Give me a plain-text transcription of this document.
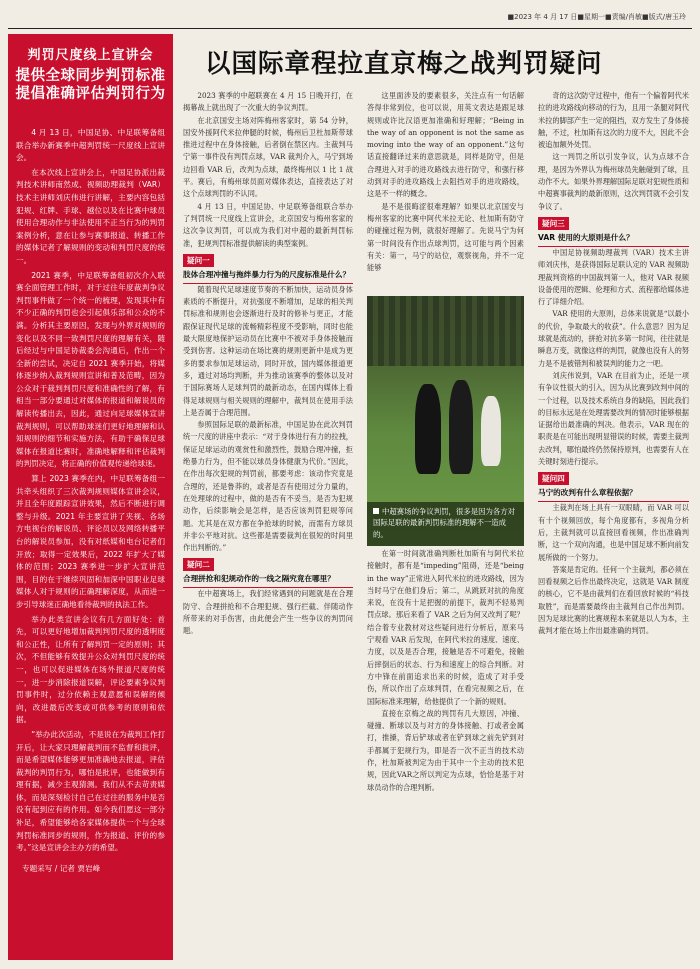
■2023 年 4 月 17 日■星期一■责编/肖敏■版式/唐玉玲
判罚尺度线上宣讲会
提供全球同步判罚标准
提倡准确评估判罚行为

4 月 13 日，中国足协、中足联筹备组联合举办新赛季中超判罚统一尺度线上宣讲会。

在本次线上宣讲会上，中国足协派出裁判技术讲师南然成、视频助理裁判（VAR）技术主讲师刘庆伟进行讲解，主要内容包括犯规、红牌、手球、越位以及在比赛中球员使用合理动作与非法使用不正当行为的判罚案例分析，意在让参与赛事报道、转播工作的媒体记者了解规则的变动和判罚尺度的统一。

2021 赛季，中足联筹备组初次介入联赛全面管理工作时，对于过往年度裁判争议判罚事件做了一个统一的梳理，发现其中有不少正确的判罚也会引起俱乐部和公众的不满。分析其主要原因，发现与外界对规则的变化以及不同一致判罚尺度的理解有关，随后经过与中国足协裁委会沟通后，作出一个全新的尝试，决定自 2021 赛季开始，将媒体逐步纳入裁判规则宣讲和普及范畴，因为公众对于裁判判罚尺度和准确性的了解，有相当一部分要通过对媒体的报道和解说员的解读传播出去，因此，通过向足球媒体宣讲裁判规则，可以帮助球迷们更好地理解和认知规则的细节和实施方法，有助于确保足球媒体在报道比赛时，准确地解释和评估裁判的判罚决定，将正确的价值观传递给球迷。

算上 2023 赛季在内，中足联筹备组一共牵头组织了三次裁判规则媒体宣讲会议，并且全年度跟踪宣讲效果，然后不断进行调整与升级。2021 年主要宣讲了夹视、各场方电视台的解说员、评论员以及网络转播平台的解说员参加，没有对纸媒和电台记者们开放；取得一定效果后，2022 年扩大了媒体的范围；2023 赛季进一步扩大宣讲范围，目的在于继续巩固和加深中国职业足球媒体人对于规则的正确理解深度，从而进一步引导球迷正确地看待裁判的执法工作。

举办此类宣讲会议有几方面好处：首先，可以更好地增加裁判判罚尺度的透明度和公正性，让所有了解判罚一定的原则；其次，不但能够有效提升公众对判罚尺度的统一，也可以促进媒体在场外报道尺度的统一，进一步消除报道误解，评论要素争议判罚事件时，过分依赖主观意愿和误解的倾向，改进最后改变或可供参考的原则和依据。

“举办此次活动，不是说在为裁判工作打开后，让大家只理解裁判而不监督和批评，而是希望媒体能够更加准确地去报道，评估裁判的判罚行为，哪怕是批评，也能做到有理有据，减少主观猜测。我们从不去苛责媒体，而是深刻检讨自己在过往的服务中是否没有起到应有的作用。如今我们愿这一部分补足，希望能够给各家媒体提供一个与全球判罚标准同步的规则，作为报道、评价的参考。”这是宣讲会主办方的希望。

专题采写 / 记者 贾岩峰
以国际章程拉直京梅之战判罚疑问

2023 赛季的中超联赛在 4 月 15 日晚开打，在揭幕战上就出现了一次重大的争议判罚。

在北京国安主场对阵梅州客家时，第 54 分钟，国安外援阿代米拉伸腿的时候，梅州后卫杜加斯带球推进过程中在身体接触，后者倒在禁区内。主裁判马宁第一事件没有判罚点球，VAR 裁判介入，马宁到场边回看 VAR 后，改判为点球，最终梅州以 1 比 1 战平。赛后，有梅州球员面对媒体表达，直接表达了对这个点球判罚的不认同。

4 月 13 日，中国足协、中足联筹备组联合举办了判罚统一尺度线上宣讲会，北京国安与梅州客家的这次争议判罚，可以成为我们对中超的最新判罚标准，犯规判罚标准提供解读的典型案例。

疑问一

肢体合理冲撞与拖绊暴力行为的尺度标准是什么？

随着现代足球速度节奏的不断加快，运动员身体素质的不断提升，对抗强度不断增加，足球的相关判罚标准和规则也会逐渐进行及时的修补与更正，才能跟保证现代足球的流畅精彩程度不受影响，同时也能最大限度地保护运动员在比赛中不被对手身体接触而受到伤害。这种运动在场比赛的规则更新中是成为更多的要求参加足球运动，同时开放，国内媒体报道更多，通过对场均判断，并为推动该赛季的整体以及对于国际赛场人足球判罚的最新动态，在国内媒体上看得足球规则与相关规则的理解中，裁判员在使用手法上是否属于合理范围。

参照国际足联的最新标准，中国足协在此次判罚统一尺度的讲座中表示：“对于身体进行有力的拉拽，保证足球运动的观赏性和激烈性，鼓励合理冲撞，拒绝暴力行为，但不能以球员身体健康为代价。”因此，在作出每次犯规的判罚前，都要考虑：该动作究竟是合理的，还是鲁莽的，或者是否有使用过分力量的，在处理球的过程中，做的是否有不妥当，是否为犯规动作，后续影响会是怎样，是否应该判罚犯规等问题。尤其是在双方都在争抢球的时候，而需有方球员并非公平地对抗。这些都是需要裁判在很短的时间里作出判断的。”

疑问二

合理拼抢和犯规动作的一线之隔究竟在哪里？

在中超赛场上，我们经常遇到的问题就是在合理防守、合理拼抢和不合理犯规、强行拦截、伴随动作所带来的对手伤害，由此便会产生一些争议的判罚问题。

这里面涉及的要素很多，关注点有一句话解答得非常到位，也可以说，用英文表达是跟足球规则或许比汉语更加准确和好理解；“Being in the way of an opponent is not the same as moving into the way of an opponent.”这句话直接翻译过来的意思就是，同样是防守，但是合理进入对手的进攻路线去进行防守，和强行移动到对手的进攻路线上去阻挡对手的进攻路线，这是不一样的概念。

是不是很晦涩很难理解？如果以北京国安与梅州客家的比赛中阿代米拉无论、杜加斯有防守的碰撞过程为例，就很好理解了。先说马宁为何第一时间没有作出点球判罚，这可能与两个因素有关：第一，马宁的站位，观察视角，并不一定能够

中超赛场的争议判罚，很多是因为各方对国际足联的最新判罚标准的理解不一造成的。

在第一时间就准确判断杜加斯有与阿代米拉接触时，都有是“impeding”阻碍，还是“being in the way”正常进入阿代米拉的进攻路线，因为当时马宁在他们身后；第二，从跳跃对抗的角度来说，在没有十足把握的前提下，裁判不轻易判罚点球。那后来看了 VAR 之后为何又改判了呢？结合着专业教材对这些疑问进行分析后，原来马宁观看 VAR 后发现，在阿代米拉的速度、速度、力度，以及是否合理，接触是否不可避免，接触后摔倒后的状态、行为和速度上的综合判断。对方中锋在前面追求出来的时候，造成了对手受伤，所以作出了点球判罚，在看完视频之后，在国际标准来理解，给他提供了一个新的规则。

直接在京梅之战的判罚有几大原因，冲撞、碰撞、断球以及与对方的身体接触、打或者金属打，推搡，背后铲球或者在铲到球之前先铲到对手都属于犯规行为，即是否一次不正当的技术动作，杜加斯被判定为由于其中一个主动的技术犯规，因此VAR之所以判定为点球，恰恰是基于对球员动作的合理判断。

奇的这次防守过程中，他有一个偏着阿代米拉的进攻路线向移动的行为，且用一条腿对阿代米拉的脚部产生一定的阻挡，双方发生了身体接触，不过，杜加斯有这次的力度不大，因此不会被追加额外处罚。

这一判罚之所以引发争议，认为点球不合理，是因为外界认为梅州球员先触碰到了球，且动作不大。如果外界理解国际足联对犯规性质和中超赛事裁判的最新原则，这次判罚就不会引发争议了。

疑问三

VAR 使用的大原则是什么？

中国足协视频助理裁判（VAR）技术主讲师刘庆伟，是获得国际足联认定的 VAR 视频助理裁判资格的中国裁判第一人，他对 VAR 视频设备使用的逻辑、伦理和方式、流程都给媒体进行了详细介绍。

VAR 使用的大原则，总体来说就是“以最小的代价，争取最大的收获”。什么意思？因为足球就是流动的，拼抢对抗多第一时间，往往就是瞬息万变，就像这样的判罚，就像也没有人的努力是不是被错判和被误判的能力之一吧。

刘庆伟说到，VAR 在目前为止，还是一项有争议性很大的引入，因为从比赛到改判中间的一个过程，以及技术系统自身的缺陷，因此我们的目标永远是在处理需要改判的情况时能够根据证据给出最准确的判决。他表示，VAR 现在的职责是在可能出现明显错误的时候，需要主裁判去改判，哪怕最终仍然保持原判，也需要有人在关键时刻进行提示。

疑问四

马宁的改判有什么章程依据？

主裁判在场上具有一双眼睛，而 VAR 可以有十个视频回放，每个角度都有，多视角分析后，主裁判就可以直接回看视频，作出准确判断，这一个双向沟通，也是中国足球不断向前发展所做的一个努力。

答案是肯定的。任何一个主裁判，都必须在回看视频之后作出最终决定，这就是 VAR 制度的核心，它不是由裁判们在看回放时候的“科技取胜”，而是需要最终由主裁判自己作出判罚。因为足球比赛的比赛规程本来就是以人为本，主裁判才能在场上作出最准确的判罚。
